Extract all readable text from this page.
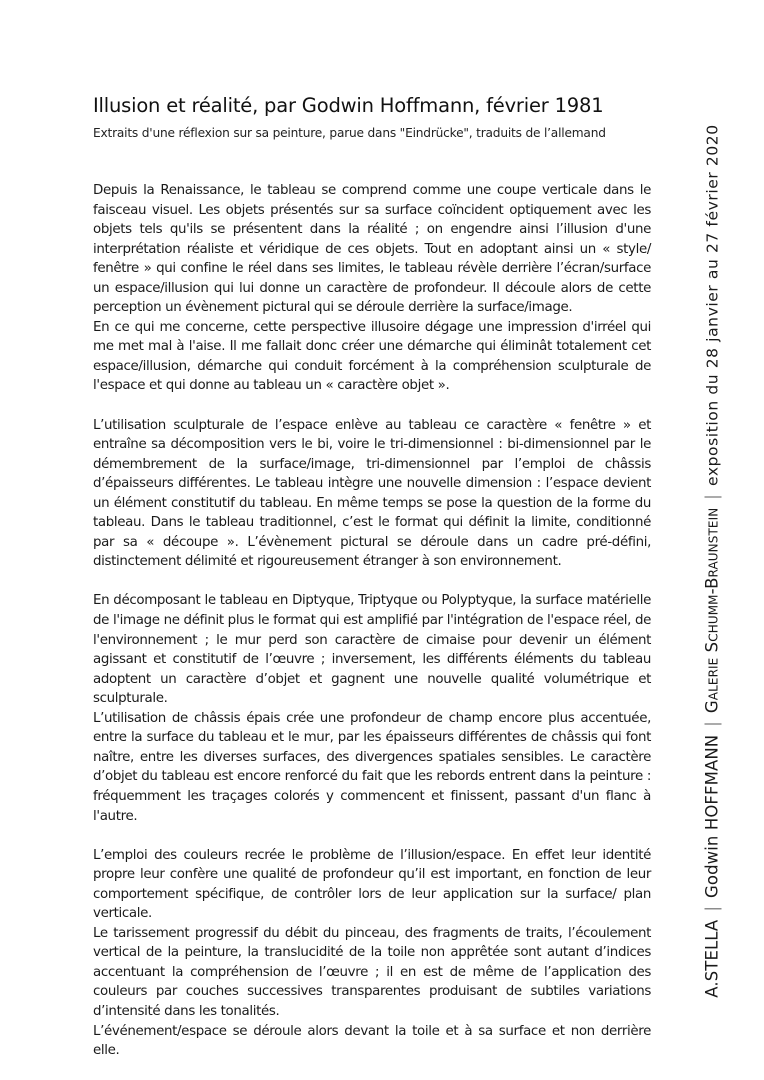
Illusion et réalité, par Godwin Hoffmann, février 1981

Extraits d'une réflexion sur sa peinture, parue dans "Eindrücke", traduits de l’allemand

Depuis la Renaissance, le tableau se comprend comme une coupe verticale dans le faisceau visuel. Les objets présentés sur sa surface coïncident optiquement avec les objets tels qu'ils se présentent dans la réalité ; on engendre ainsi l’illusion d'une interprétation réaliste et véridique de ces objets. Tout en adoptant ainsi un « style/ fenêtre » qui confine le réel dans ses limites, le tableau révèle derrière l’écran/surface un espace/illusion qui lui donne un caractère de profondeur. Il découle alors de cette perception un évènement pictural qui se déroule derrière la surface/image.

En ce qui me concerne, cette perspective illusoire dégage une impression d'irréel qui me met mal à l'aise. Il me fallait donc créer une démarche qui éliminât totalement cet espace/illusion, démarche qui conduit forcément à la compréhension sculpturale de l'espace et qui donne au tableau un « caractère objet ».

L’utilisation sculpturale de l’espace enlève au tableau ce caractère « fenêtre » et entraîne sa décomposition vers le bi, voire le tri-dimensionnel : bi-dimensionnel par le démembrement de la surface/image, tri-dimensionnel par l’emploi de châssis d’épaisseurs différentes. Le tableau intègre une nouvelle dimension : l’espace devient un élément constitutif du tableau. En même temps se pose la question de la forme du tableau. Dans le tableau traditionnel, c’est le format qui définit la limite, conditionné par sa « découpe ». L’évènement pictural se déroule dans un cadre pré-défini, distinctement délimité et rigoureusement étranger à son environnement.

En décomposant le tableau en Diptyque, Triptyque ou Polyptyque, la surface matérielle de l'image ne définit plus le format qui est amplifié par l'intégration de l'espace réel, de l'environnement ; le mur perd son caractère de cimaise pour devenir un élément agissant et constitutif de l’œuvre ; inversement, les différents éléments du tableau adoptent un caractère d’objet et gagnent une nouvelle qualité volumétrique et sculpturale.

L’utilisation de châssis épais crée une profondeur de champ encore plus accentuée, entre la surface du tableau et le mur, par les épaisseurs différentes de châssis qui font naître, entre les diverses surfaces, des divergences spatiales sensibles. Le caractère d’objet du tableau est encore renforcé du fait que les rebords entrent dans la peinture : fréquemment les traçages colorés y commencent et finissent, passant d'un flanc à l'autre.

L’emploi des couleurs recrée le problème de l’illusion/espace. En effet leur identité propre leur confère une qualité de profondeur qu’il est important, en fonction de leur comportement spécifique, de contrôler lors de leur application sur la surface/ plan verticale.

Le tarissement progressif du débit du pinceau, des fragments de traits, l’écoulement vertical de la peinture, la translucidité de la toile non apprêtée sont autant d’indices accentuant la compréhension de l’œuvre ; il en est de même de l’application des couleurs par couches successives transparentes produisant de subtiles variations d’intensité dans les tonalités.

L’événement/espace se déroule alors devant la toile et à sa surface et non derrière elle.

A.STELLA|Godwin HOFFMANN|Galerie Schumm-Braunstein|exposition du 28 janvier au 27 février 2020
